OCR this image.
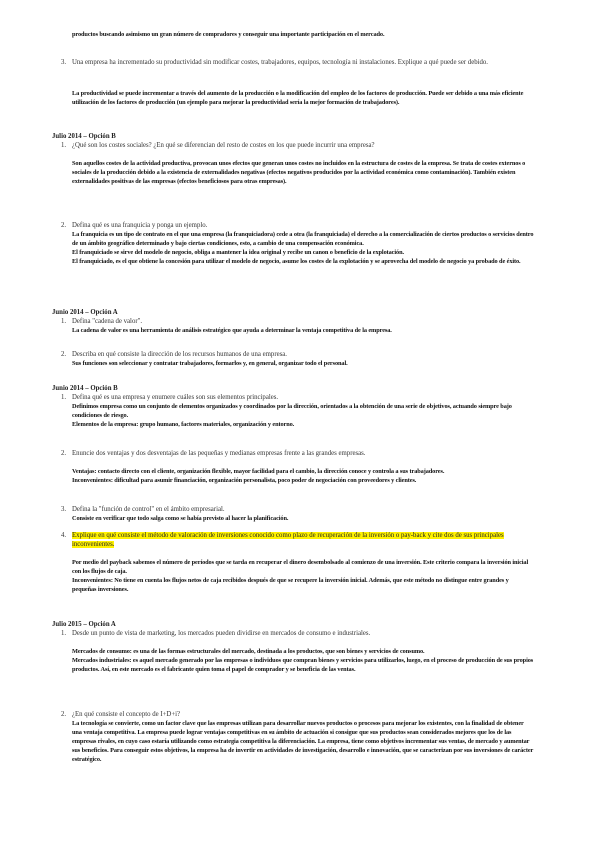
productos buscando asimismo un gran número de compradores y conseguir una importante participación en el mercado.
3. Una empresa ha incrementado su productividad sin modificar costes, trabajadores, equipos, tecnología ni instalaciones. Explique a qué puede ser debido.
La productividad se puede incrementar a través del aumento de la producción o la modificación del empleo de los factores de producción. Puede ser debido a una más eficiente utilización de los factores de producción (un ejemplo para mejorar la productividad sería la mejor formación de trabajadores).
Julio 2014 – Opción B
1. ¿Qué son los costes sociales? ¿En qué se diferencian del resto de costes en los que puede incurrir una empresa?
Son aquellos costes de la actividad productiva, provocan unos efectos que generan unos costes no incluidos en la estructura de costes de la empresa. Se trata de costes externos o sociales de la producción debido a la existencia de externalidades negativas (efectos negativos producidos por la actividad económica como contaminación). También existen externalidades positivas de las empresas (efectos beneficiosos para otras empresas).
2. Defina qué es una franquicia y ponga un ejemplo.
La franquicia es un tipo de contrato en el que una empresa (la franquiciadora) cede a otra (la franquiciada) el derecho a la comercialización de ciertos productos o servicios dentro de un ámbito geográfico determinado y bajo ciertas condiciones, esto, a cambio de una compensación económica.
El franquiciado se sirve del modelo de negocio, obliga a mantener la idea original y recibe un canon o beneficio de la explotación.
El franquiciado, es el que obtiene la concesión para utilizar el modelo de negocio, asume los costes de la explotación y se aprovecha del modelo de negocio ya probado de éxito.
Junio 2014 – Opción A
1. Defina "cadena de valor".
La cadena de valor es una herramienta de análisis estratégico que ayuda a determinar la ventaja competitiva de la empresa.
2. Describa en qué consiste la dirección de los recursos humanos de una empresa.
Sus funciones son seleccionar y contratar trabajadores, formarlos y, en general, organizar todo el personal.
Junio 2014 – Opción B
1. Defina qué es una empresa y enumere cuáles son sus elementos principales.
Definimos empresa como un conjunto de elementos organizados y coordinados por la dirección, orientados a la obtención de una serie de objetivos, actuando siempre bajo condiciones de riesgo.
Elementos de la empresa: grupo humano, factores materiales, organización y entorno.
2. Enuncie dos ventajas y dos desventajas de las pequeñas y medianas empresas frente a las grandes empresas.
Ventajas: contacto directo con el cliente, organización flexible, mayor facilidad para el cambio, la dirección conoce y controla a sus trabajadores.
Inconvenientes: dificultad para asumir financiación, organización personalista, poco poder de negociación con proveedores y clientes.
3. Defina la "función de control" en el ámbito empresarial.
Consiste en verificar que todo salga como se había previsto al hacer la planificación.
4. Explique en qué consiste el método de valoración de inversiones conocido como plazo de recuperación de la inversión o pay-back y cite dos de sus principales inconvenientes.
Por medio del payback sabemos el número de períodos que se tarda en recuperar el dinero desembolsado al comienzo de una inversión. Este criterio compara la inversión inicial con los flujos de caja.
Inconvenientes: No tiene en cuenta los flujos netos de caja recibidos después de que se recupere la inversión inicial. Además, que este método no distingue entre grandes y pequeñas inversiones.
Julio 2015 – Opción A
1. Desde un punto de vista de marketing, los mercados pueden dividirse en mercados de consumo e industriales.
Mercados de consumo: es una de las formas estructurales del mercado, destinada a los productos, que son bienes y servicios de consumo.
Mercados industriales: es aquel mercado generado por las empresas o individuos que compran bienes y servicios para utilizarlos, luego, en el proceso de producción de sus propios productos. Así, en este mercado es el fabricante quien toma el papel de comprador y se beneficia de las ventas.
2. ¿En qué consiste el concepto de I+D+i?
La tecnología se convierte, como un factor clave que las empresas utilizan para desarrollar nuevos productos o procesos para mejorar los existentes, con la finalidad de obtener una ventaja competitiva. La empresa puede lograr ventajas competitivas en su ámbito de actuación si consigue que sus productos sean considerados mejores que los de las empresas rivales, en cuyo caso estaría utilizando como estrategia competitiva la diferenciación. La empresa, tiene como objetivos incrementar sus ventas, de mercado y aumentar sus beneficios. Para conseguir estos objetivos, la empresa ha de invertir en actividades de investigación, desarrollo e innovación, que se caracterizan por sus inversiones de carácter estratégico.
